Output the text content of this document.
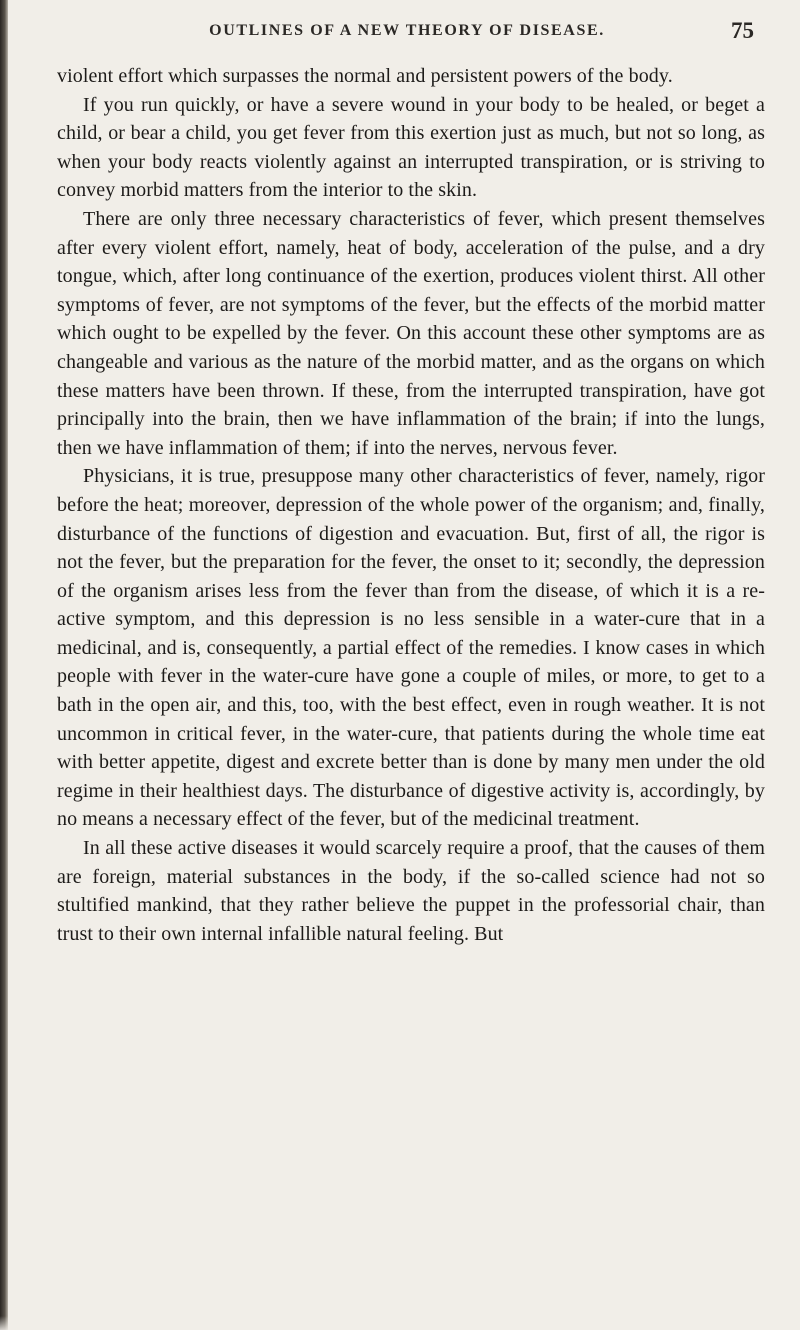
OUTLINES OF A NEW THEORY OF DISEASE.	75

violent effort which surpasses the normal and persistent powers of the body.

If you run quickly, or have a severe wound in your body to be healed, or beget a child, or bear a child, you get fever from this exertion just as much, but not so long, as when your body reacts violently against an interrupted transpiration, or is striving to convey morbid matters from the interior to the skin.

There are only three necessary characteristics of fever, which present themselves after every violent effort, namely, heat of body, acceleration of the pulse, and a dry tongue, which, after long continuance of the exertion, produces violent thirst. All other symptoms of fever, are not symptoms of the fever, but the effects of the morbid matter which ought to be expelled by the fever. On this account these other symptoms are as changeable and various as the nature of the morbid matter, and as the organs on which these matters have been thrown. If these, from the interrupted transpiration, have got principally into the brain, then we have inflammation of the brain; if into the lungs, then we have inflammation of them; if into the nerves, nervous fever.

Physicians, it is true, presuppose many other characteristics of fever, namely, rigor before the heat; moreover, depression of the whole power of the organism; and, finally, disturbance of the functions of digestion and evacuation. But, first of all, the rigor is not the fever, but the preparation for the fever, the onset to it; secondly, the depression of the organism arises less from the fever than from the disease, of which it is a re-active symptom, and this depression is no less sensible in a water-cure that in a medicinal, and is, consequently, a partial effect of the remedies. I know cases in which people with fever in the water-cure have gone a couple of miles, or more, to get to a bath in the open air, and this, too, with the best effect, even in rough weather. It is not uncommon in critical fever, in the water-cure, that patients during the whole time eat with better appetite, digest and excrete better than is done by many men under the old regime in their healthiest days. The disturbance of digestive activity is, accordingly, by no means a necessary effect of the fever, but of the medicinal treatment.

In all these active diseases it would scarcely require a proof, that the causes of them are foreign, material substances in the body, if the so-called science had not so stultified mankind, that they rather believe the puppet in the professorial chair, than trust to their own internal infallible natural feeling. But
